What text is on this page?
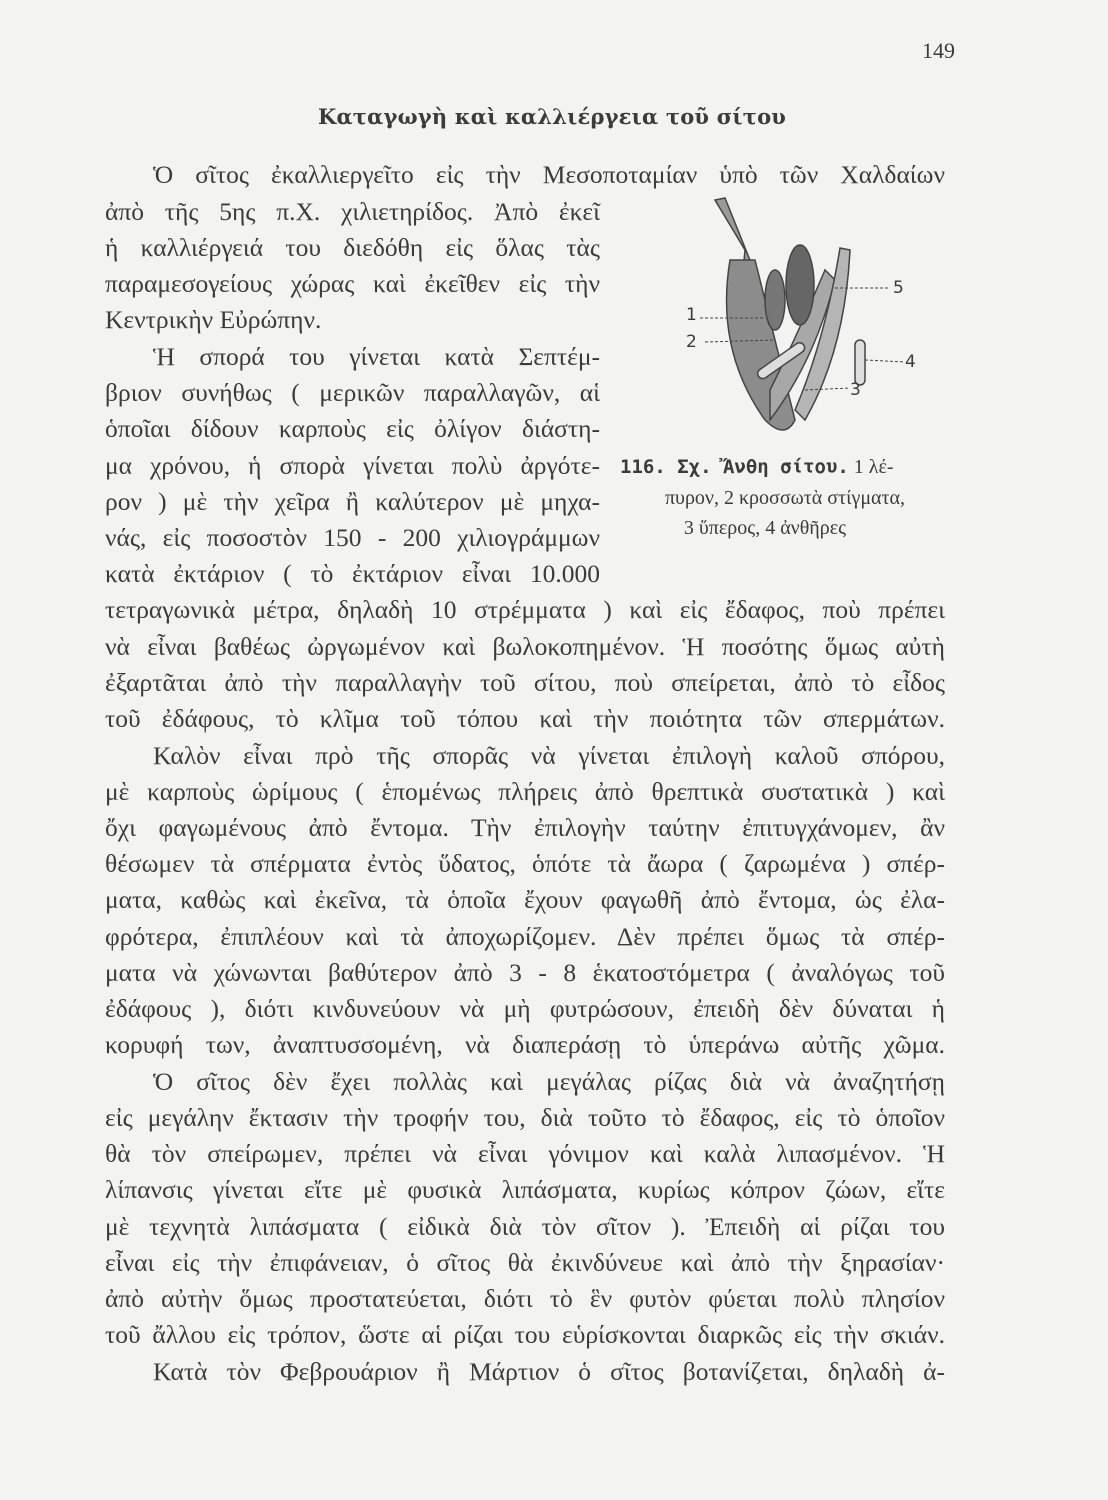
149
Καταγωγὴ καὶ καλλιέργεια τοῦ σίτου
Ὁ σῖτος ἐκαλλιεργεῖτο εἰς τὴν Μεσοποταμίαν ὑπὸ τῶν Χαλδαίων
ἀπὸ τῆς 5ης π.Χ. χιλιετηρίδος. Ἀπὸ ἐκεῖ
ἡ καλλιέργειά του διεδόθη εἰς ὅλας τὰς
παραμεσογείους χώρας καὶ ἐκεῖθεν εἰς τὴν
Κεντρικὴν Εὐρώπην.
Ἡ σπορά του γίνεται κατὰ Σεπτέμ-
βριον συνήθως ( μερικῶν παραλλαγῶν, αἱ
ὁποῖαι δίδουν καρποὺς εἰς ὀλίγον διάστη-
μα χρόνου, ἡ σπορὰ γίνεται πολὺ ἀργότε-
ρον ) μὲ τὴν χεῖρα ἢ καλύτερον μὲ μηχα-
νάς, εἰς ποσοστὸν 150 - 200 χιλιογράμμων
κατὰ ἐκτάριον ( τὸ ἐκτάριον εἶναι 10.000
τετραγωνικὰ μέτρα, δηλαδὴ 10 στρέμματα ) καὶ εἰς ἔδαφος, ποὺ πρέπει
νὰ εἶναι βαθέως ὠργωμένον καὶ βωλοκοπημένον. Ἡ ποσότης ὅμως αὐτὴ
ἐξαρτᾶται ἀπὸ τὴν παραλλαγὴν τοῦ σίτου, ποὺ σπείρεται, ἀπὸ τὸ εἶδος
τοῦ ἐδάφους, τὸ κλῖμα τοῦ τόπου καὶ τὴν ποιότητα τῶν σπερμάτων.
Καλὸν εἶναι πρὸ τῆς σπορᾶς νὰ γίνεται ἐπιλογὴ καλοῦ σπόρου,
μὲ καρποὺς ὡρίμους ( ἑπομένως πλήρεις ἀπὸ θρεπτικὰ συστατικὰ ) καὶ
ὄχι φαγωμένους ἀπὸ ἔντομα. Τὴν ἐπιλογὴν ταύτην ἐπιτυγχάνομεν, ἂν
θέσωμεν τὰ σπέρματα ἐντὸς ὕδατος, ὁπότε τὰ ἄωρα ( ζαρωμένα ) σπέρ-
ματα, καθὼς καὶ ἐκεῖνα, τὰ ὁποῖα ἔχουν φαγωθῆ ἀπὸ ἔντομα, ὡς ἐλα-
φρότερα, ἐπιπλέουν καὶ τὰ ἀποχωρίζομεν. Δὲν πρέπει ὅμως τὰ σπέρ-
ματα νὰ χώνωνται βαθύτερον ἀπὸ 3 - 8 ἑκατοστόμετρα ( ἀναλόγως τοῦ
ἐδάφους ), διότι κινδυνεύουν νὰ μὴ φυτρώσουν, ἐπειδὴ δὲν δύναται ἡ
κορυφή των, ἀναπτυσσομένη, νὰ διαπεράσῃ τὸ ὑπεράνω αὐτῆς χῶμα.
Ὁ σῖτος δὲν ἔχει πολλὰς καὶ μεγάλας ρίζας διὰ νὰ ἀναζητήσῃ
εἰς μεγάλην ἔκτασιν τὴν τροφήν του, διὰ τοῦτο τὸ ἔδαφος, εἰς τὸ ὁποῖον
θὰ τὸν σπείρωμεν, πρέπει νὰ εἶναι γόνιμον καὶ καλὰ λιπασμένον. Ἡ
λίπανσις γίνεται εἴτε μὲ φυσικὰ λιπάσματα, κυρίως κόπρον ζώων, εἴτε
μὲ τεχνητὰ λιπάσματα ( εἰδικὰ διὰ τὸν σῖτον ). Ἐπειδὴ αἱ ρίζαι του
εἶναι εἰς τὴν ἐπιφάνειαν, ὁ σῖτος θὰ ἐκινδύνευε καὶ ἀπὸ τὴν ξηρασίαν·
ἀπὸ αὐτὴν ὅμως προστατεύεται, διότι τὸ ἓν φυτὸν φύεται πολὺ πλησίον
τοῦ ἄλλου εἰς τρόπον, ὥστε αἱ ρίζαι του εὑρίσκονται διαρκῶς εἰς τὴν σκιάν.
Κατὰ τὸν Φεβρουάριον ἢ Μάρτιον ὁ σῖτος βοτανίζεται, δηλαδὴ ἀ-
1
2
3
4
5
116. Σχ. Ἄνθη σίτου. 1 λέ-
πυρον, 2 κροσσωτὰ στίγματα,
3 ὕπερος, 4 ἀνθῆρες
